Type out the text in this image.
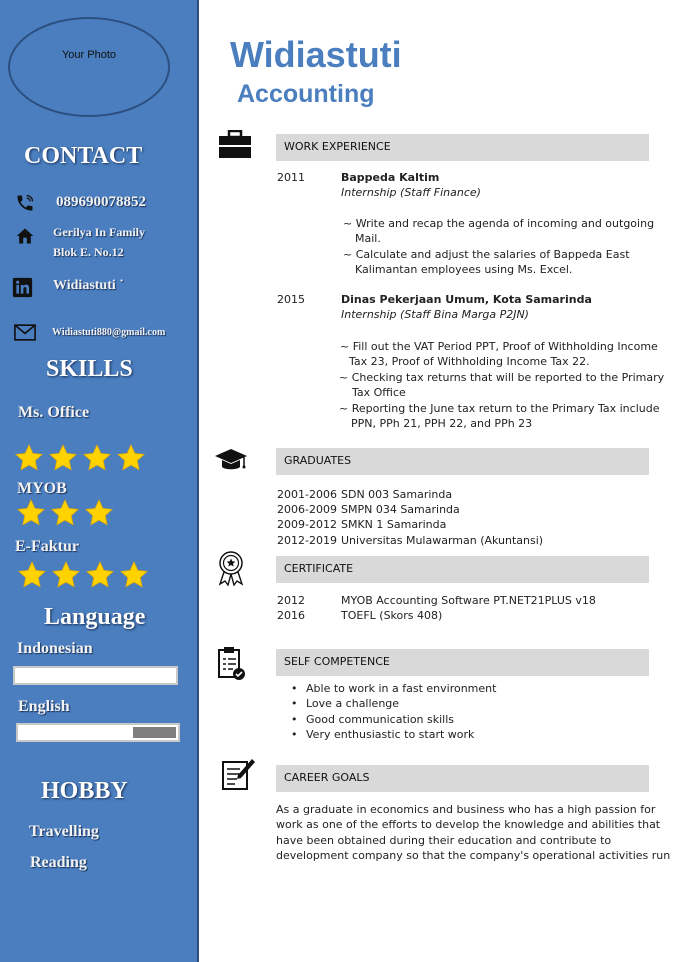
Your Photo
CONTACT
089690078852
Gerilya In Family
Blok E. No.12
Widiastuti ˙
Widiastuti880@gmail.com
SKILLS
Ms. Office
MYOB
E-Faktur
Language
Indonesian
English
HOBBY
Travelling
Reading
Widiastuti
Accounting
WORK EXPERIENCE
2011	Bappeda Kaltim
Internship (Staff Finance)
~ Write and recap the agenda of incoming and outgoing
Mail.
~ Calculate and adjust the salaries of Bappeda East
Kalimantan employees using Ms. Excel.
2015	Dinas Pekerjaan Umum, Kota Samarinda
Internship (Staff Bina Marga P2JN)
~ Fill out the VAT Period PPT, Proof of Withholding Income
Tax 23, Proof of Withholding Income Tax 22.
~ Checking tax returns that will be reported to the Primary
Tax Office
~ Reporting the June tax return to the Primary Tax include
PPN, PPh 21, PPH 22, and PPh 23
GRADUATES
2001-2006 SDN 003 Samarinda
2006-2009 SMPN 034 Samarinda
2009-2012 SMKN 1 Samarinda
2012-2019 Universitas Mulawarman (Akuntansi)
CERTIFICATE
2012	MYOB Accounting Software PT.NET21PLUS v18
2016	TOEFL (Skors 408)
SELF COMPETENCE
• Able to work in a fast environment
• Love a challenge
• Good communication skills
• Very enthusiastic to start work
CAREER GOALS
As a graduate in economics and business who has a high passion for
work as one of the efforts to develop the knowledge and abilities that
have been obtained during their education and contribute to
development company so that the company's operational activities run
